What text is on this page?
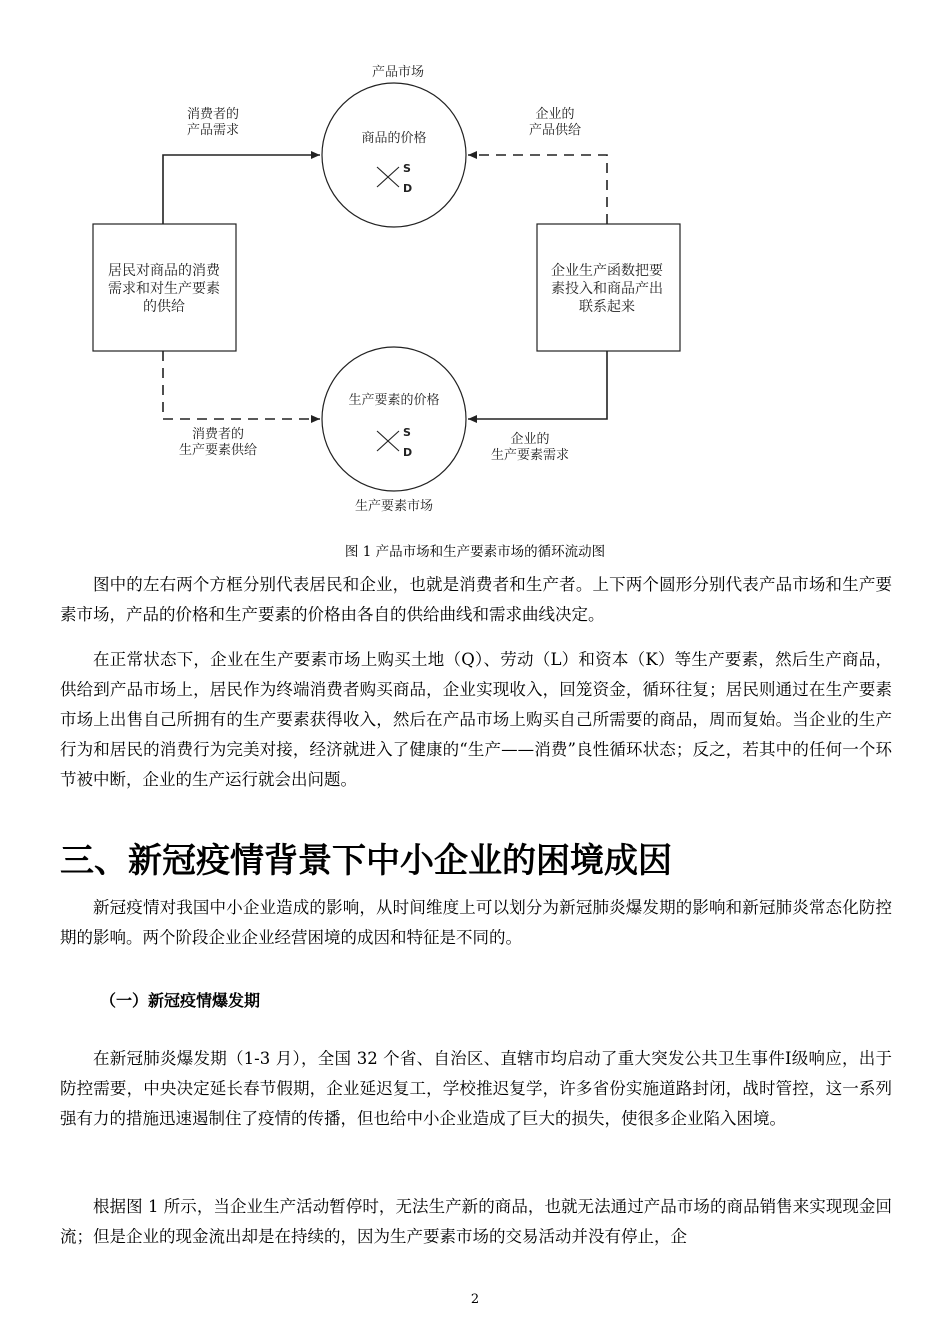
产品市场
商品的价格
S
D
生产要素的价格
S
D
生产要素市场
居民对商品的消费
需求和对生产要素
的供给
企业生产函数把要
素投入和商品产出
联系起来
消费者的
产品需求
企业的
产品供给
消费者的
生产要素供给
企业的
生产要素需求
图 1 产品市场和生产要素市场的循环流动图

图中的左右两个方框分别代表居民和企业，也就是消费者和生产者。上下两个圆形分别代表产品市场和生产要素市场，产品的价格和生产要素的价格由各自的供给曲线和需求曲线决定。

在正常状态下，企业在生产要素市场上购买土地（Q）、劳动（L）和资本（K）等生产要素，然后生产商品，供给到产品市场上，居民作为终端消费者购买商品，企业实现收入，回笼资金，循环往复；居民则通过在生产要素市场上出售自己所拥有的生产要素获得收入，然后在产品市场上购买自己所需要的商品，周而复始。当企业的生产行为和居民的消费行为完美对接，经济就进入了健康的“生产——消费”良性循环状态；反之，若其中的任何一个环节被中断，企业的生产运行就会出问题。

三、新冠疫情背景下中小企业的困境成因

新冠疫情对我国中小企业造成的影响，从时间维度上可以划分为新冠肺炎爆发期的影响和新冠肺炎常态化防控期的影响。两个阶段企业企业经营困境的成因和特征是不同的。

（一）新冠疫情爆发期

在新冠肺炎爆发期（1-3 月），全国 32 个省、自治区、直辖市均启动了重大突发公共卫生事件Ⅰ级响应，出于防控需要，中央决定延长春节假期，企业延迟复工，学校推迟复学，许多省份实施道路封闭，战时管控，这一系列强有力的措施迅速遏制住了疫情的传播，但也给中小企业造成了巨大的损失，使很多企业陷入困境。

根据图 1 所示，当企业生产活动暂停时，无法生产新的商品，也就无法通过产品市场的商品销售来实现现金回流；但是企业的现金流出却是在持续的，因为生产要素市场的交易活动并没有停止，企

2
